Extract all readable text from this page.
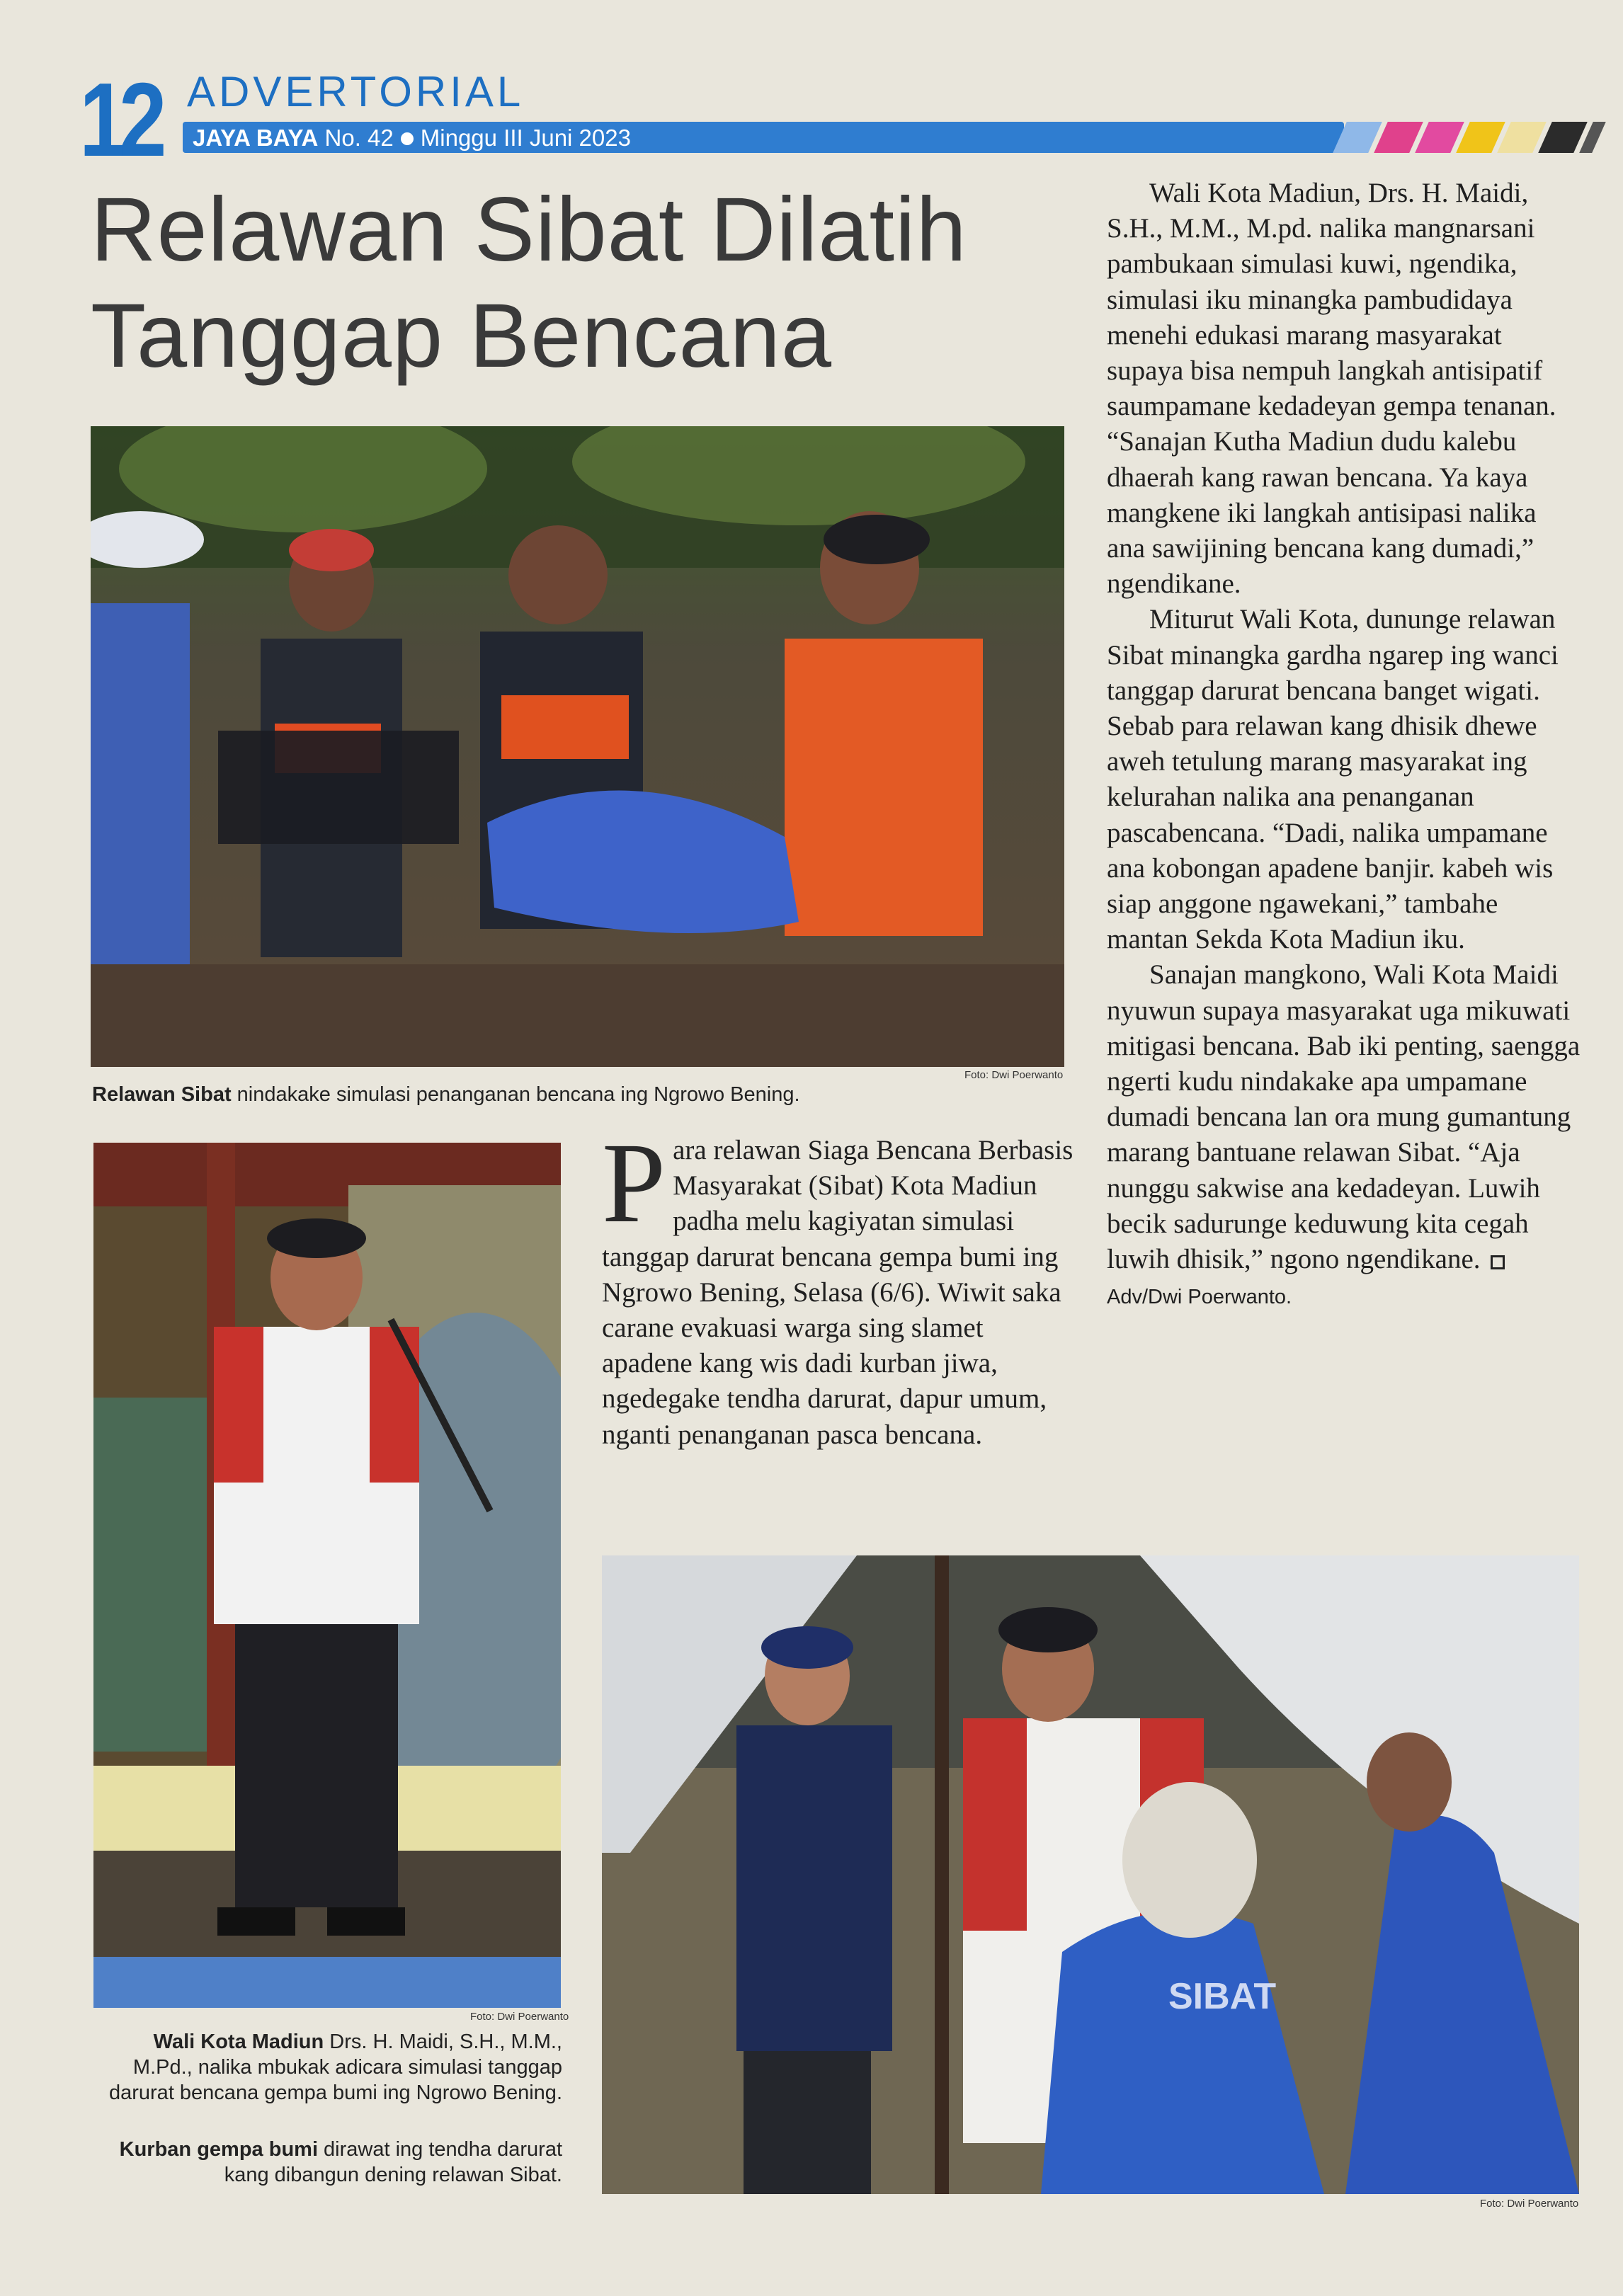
12 ADVERTORIAL
JAYA BAYA No. 42 Minggu III Juni 2023
Relawan Sibat Dilatih
Tanggap Bencana
Foto: Dwi Poerwanto
Relawan Sibat nindakake simulasi penanganan bencana ing Ngrowo Bening.
Foto: Dwi Poerwanto
Wali Kota Madiun Drs. H. Maidi, S.H., M.M., M.Pd., nalika mbukak adicara simulasi tanggap darurat bencana gempa bumi ing Ngrowo Bening.
Kurban gempa bumi dirawat ing tendha darurat kang dibangun dening relawan Sibat.

Para relawan Siaga Bencana Berbasis Masyarakat (Sibat) Kota Madiun padha melu kagiyatan simulasi tanggap darurat bencana gempa bumi ing Ngrowo Bening, Selasa (6/6). Wiwit saka carane evakuasi warga sing slamet apadene kang wis dadi kurban jiwa, ngedegake tendha darurat, dapur umum, nganti penanganan pasca bencana.

Wali Kota Madiun, Drs. H. Maidi, S.H., M.M., M.pd. nalika mangnarsani pambukaan simulasi kuwi, ngendika, simulasi iku minangka pambudidaya menehi edukasi marang masyarakat supaya bisa nempuh langkah antisipatif saumpamane kedadeyan gempa tenanan. “Sanajan Kutha Madiun dudu kalebu dhaerah kang rawan bencana. Ya kaya mangkene iki langkah antisipasi nalika ana sawijining bencana kang dumadi,” ngendikane.

Miturut Wali Kota, dununge relawan Sibat minangka gardha ngarep ing wanci tanggap darurat bencana banget wigati. Sebab para relawan kang dhisik dhewe aweh tetulung marang masyarakat ing kelurahan nalika ana penanganan pascabencana. “Dadi, nalika umpamane ana kobongan apadene banjir. kabeh wis siap anggone ngawekani,” tambahe mantan Sekda Kota Madiun iku.

Sanajan mangkono, Wali Kota Maidi nyuwun supaya masyarakat uga mikuwati mitigasi bencana. Bab iki penting, saengga ngerti kudu nindakake apa umpamane dumadi bencana lan ora mung gumantung marang bantuane relawan Sibat. “Aja nunggu sakwise ana kedadeyan. Luwih becik sadurunge keduwung kita cegah luwih dhisik,” ngono ngendikane.Adv/Dwi Poerwanto.

SIBAT
Foto: Dwi Poerwanto
